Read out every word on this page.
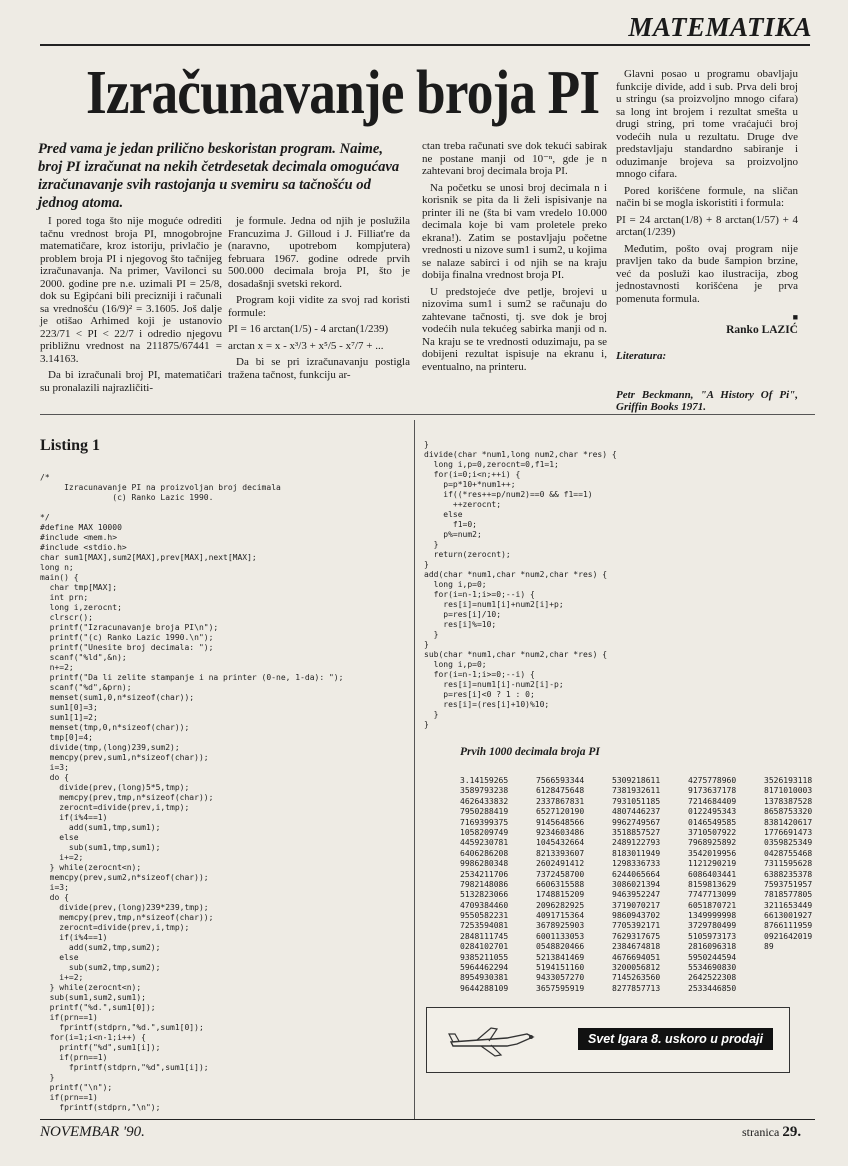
MATEMATIKA
Izračunavanje broja PI
Pred vama je jedan prilično beskoristan program. Naime, broj PI izračunat na nekih četrdesetak decimala omogućava izračunavanje svih rastojanja u svemiru sa tačnošću od jednog atoma.

I pored toga što nije moguće odrediti tačnu vrednost broja PI, mnogobrojne matematičare, kroz istoriju, privlačio je problem broja PI i njegovog što tačnijeg izračunavanja. Na primer, Vavilonci su 2000. godine pre n.e. uzimali PI = 25/8, dok su Egipćani bili precizniji i računali sa vrednošću (16/9)² = 3.1605. Još dalje je otišao Arhimed koji je ustanovio 223/71 < PI < 22/7 i odredio njegovu približnu vrednost na 211875/67441 = 3.14163.

Da bi izračunali broj PI, matematičari su pronalazili najrazličiti-

je formule. Jedna od njih je poslužila Francuzima J. Gilloud i J. Filliat're da (naravno, upotrebom kompjutera) februara 1967. godine odrede prvih 500.000 decimala broja PI, što je dosadašnji svetski rekord.

Program koji vidite za svoj rad koristi formule:

PI = 16 arctan(1/5) - 4 arctan(1/239)

arctan x = x - x³/3 + x⁵/5 - x⁷/7 + ...

Da bi se pri izračunavanju postigla tražena tačnost, funkciju ar-

ctan treba računati sve dok tekući sabirak ne postane manji od 10⁻ⁿ, gde je n zahtevani broj decimala broja PI.

Na početku se unosi broj decimala n i korisnik se pita da li želi ispisivanje na printer ili ne (šta bi vam vredelo 10.000 decimala koje bi vam proletele preko ekrana!). Zatim se postavljaju početne vrednosti u nizove sum1 i sum2, u kojima se nalaze sabirci i od njih se na kraju dobija finalna vrednost broja PI.

U predstojeće dve petlje, brojevi u nizovima sum1 i sum2 se računaju do zahtevane tačnosti, tj. sve dok je broj vodećih nula tekućeg sabirka manji od n. Na kraju se te vrednosti oduzimaju, pa se dobijeni rezultat ispisuje na ekranu i, eventualno, na printeru.

Glavni posao u programu obavljaju funkcije divide, add i sub. Prva deli broj u stringu (sa proizvoljno mnogo cifara) sa long int brojem i rezultat smešta u drugi string, pri tome vraćajući broj vodećih nula u rezultatu. Druge dve predstavljaju standardno sabiranje i oduzimanje brojeva sa proizvoljno mnogo cifara.

Pored korišćene formule, na sličan način bi se mogla iskoristiti i formula:

PI = 24 arctan(1/8) + 8 arctan(1/57) + 4 arctan(1/239)

Međutim, pošto ovaj program nije pravljen tako da bude šampion brzine, već da posluži kao ilustracija, zbog jednostavnosti korišćena je prva pomenuta formula.

■
Ranko LAZIĆ
Literatura:
Petr Beckmann, "A History Of Pi", Griffin Books 1971.
Listing 1
/*
Izracunavanje PI na proizvoljan broj decimala
(c) Ranko Lazic 1990.

*/
#define MAX 10000
#include <mem.h>
#include <stdio.h>
char sum1[MAX],sum2[MAX],prev[MAX],next[MAX];
long n;
main() {
char tmp[MAX];
int prn;
long i,zerocnt;
clrscr();
printf("Izracunavanje broja PI\n");
printf("(c) Ranko Lazic 1990.\n");
printf("Unesite broj decimala: ");
scanf("%ld",&n);
n+=2;
printf("Da li zelite stampanje i na printer (0-ne, 1-da): ");
scanf("%d",&prn);
memset(sum1,0,n*sizeof(char));
sum1[0]=3;
sum1[1]=2;
memset(tmp,0,n*sizeof(char));
tmp[0]=4;
divide(tmp,(long)239,sum2);
memcpy(prev,sum1,n*sizeof(char));
i=3;
do {
divide(prev,(long)5*5,tmp);
memcpy(prev,tmp,n*sizeof(char));
zerocnt=divide(prev,i,tmp);
if(i%4==1)
add(sum1,tmp,sum1);
else
sub(sum1,tmp,sum1);
i+=2;
} while(zerocnt<n);
memcpy(prev,sum2,n*sizeof(char));
i=3;
do {
divide(prev,(long)239*239,tmp);
memcpy(prev,tmp,n*sizeof(char));
zerocnt=divide(prev,i,tmp);
if(i%4==1)
add(sum2,tmp,sum2);
else
sub(sum2,tmp,sum2);
i+=2;
} while(zerocnt<n);
sub(sum1,sum2,sum1);
printf("%d.",sum1[0]);
if(prn==1)
fprintf(stdprn,"%d.",sum1[0]);
for(i=1;i<n-1;i++) {
printf("%d",sum1[i]);
if(prn==1)
fprintf(stdprn,"%d",sum1[i]);
}
printf("\n");
if(prn==1)
fprintf(stdprn,"\n");
}
divide(char *num1,long num2,char *res) {
long i,p=0,zerocnt=0,f1=1;
for(i=0;i<n;++i) {
p=p*10+*num1++;
if((*res++=p/num2)==0 && f1==1)
++zerocnt;
else
f1=0;
p%=num2;
}
return(zerocnt);
}
add(char *num1,char *num2,char *res) {
long i,p=0;
for(i=n-1;i>=0;--i) {
res[i]=num1[i]+num2[i]+p;
p=res[i]/10;
res[i]%=10;
}
}
sub(char *num1,char *num2,char *res) {
long i,p=0;
for(i=n-1;i>=0;--i) {
res[i]=num1[i]-num2[i]-p;
p=res[i]<0 ? 1 : 0;
res[i]=(res[i]+10)%10;
}
}
Prvih 1000 decimala broja PI
3.14159265
3589793238
4626433832
7950288419
7169399375
1058209749
4459230781
6406286208
9986280348
2534211706
7982148086
5132823066
4709384460
9550582231
7253594081
2848111745
0284102701
9385211055
5964462294
8954930381
9644288109
7566593344
6128475648
2337867831
6527120190
9145648566
9234603486
1045432664
8213393607
2602491412
7372458700
6606315588
1748815209
2096282925
4091715364
3678925903
6001133053
0548820466
5213841469
5194151160
9433057270
3657595919
5309218611
7381932611
7931051185
4807446237
9962749567
3518857527
2489122793
8183011949
1298336733
6244065664
3086021394
9463952247
3719070217
9860943702
7705392171
7629317675
2384674818
4676694051
3200056812
7145263560
8277857713
4275778960
9173637178
7214684409
0122495343
0146549585
3710507922
7968925892
3542019956
1121290219
6086403441
8159813629
7747713099
6051870721
1349999998
3729780499
5105973173
2816096318
5950244594
5534690830
2642522308
2533446850
3526193118
8171010003
1378387528
8658753320
8381420617
1776691473
0359825349
0428755468
7311595628
6388235378
7593751957
7818577805
3211653449
6613001927
8766111959
0921642019
89
Svet Igara 8. uskoro u prodaji
NOVEMBAR '90.	stranica 29.
